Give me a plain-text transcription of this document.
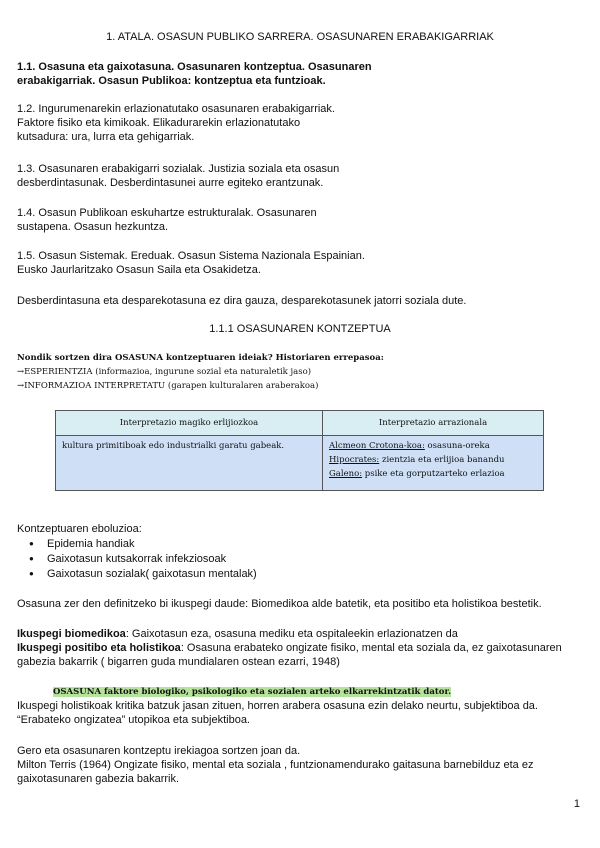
1. ATALA. OSASUN PUBLIKO SARRERA. OSASUNAREN ERABAKIGARRIAK

1.1. Osasuna eta gaixotasuna. Osasunaren kontzeptua. Osasunaren

erabakigarriak. Osasun Publikoa: kontzeptua eta funtzioak.

1.2. Ingurumenarekin erlazionatutako osasunaren erabakigarriak.

Faktore fisiko eta kimikoak. Elikadurarekin erlazionatutako

kutsadura: ura, lurra eta gehigarriak.

1.3. Osasunaren erabakigarri sozialak. Justizia soziala eta osasun

desberdintasunak. Desberdintasunei aurre egiteko erantzunak.

1.4. Osasun Publikoan eskuhartze estrukturalak. Osasunaren

sustapena. Osasun hezkuntza.

1.5. Osasun Sistemak. Ereduak. Osasun Sistema Nazionala Espainian.

Eusko Jaurlaritzako Osasun Saila eta Osakidetza.

Desberdintasuna eta desparekotasuna ez dira gauza, desparekotasunek jatorri soziala dute.
1.1.1 OSASUNAREN KONTZEPTUA

Nondik sortzen dira OSASUNA kontzeptuaren ideiak? Historiaren errepasoa:

→ESPERIENTZIA (informazioa, ingurune sozial eta naturaletik jaso)

→INFORMAZIOA INTERPRETATU (garapen kulturalaren araberakoa)

Interpretazio magiko erlijiozkoa	Interpretazio arrazionala
kultura primitiboak edo industrialki garatu gabeak.	Alcmeon Crotona-koa: osasuna-oreka
Hipocrates: zientzia eta erlijioa banandu
Galeno: psike eta gorputzarteko erlazioa
Kontzeptuaren eboluzioa:
● Epidemia handiak
● Gaixotasun kutsakorrak infekziosoak
● Gaixotasun sozialak( gaixotasun mentalak)
Osasuna zer den definitzeko bi ikuspegi daude: Biomedikoa alde batetik, eta positibo eta holistikoa bestetik.

Ikuspegi biomedikoa: Gaixotasun eza, osasuna mediku eta ospitaleekin erlazionatzen da

Ikuspegi positibo eta holistikoa: Osasuna erabateko ongizate fisiko, mental eta soziala da, ez gaixotasunaren

gabezia bakarrik ( bigarren guda mundialaren ostean ezarri, 1948)

OSASUNA faktore biologiko, psikologiko eta sozialen arteko elkarrekintzatik dator.

Ikuspegi holistikoak kritika batzuk jasan zituen, horren arabera osasuna ezin delako neurtu, subjektiboa da.

“Erabateko ongizatea” utopikoa eta subjektiboa.

Gero eta osasunaren kontzeptu irekiagoa sortzen joan da.

Milton Terris (1964) Ongizate fisiko, mental eta soziala , funtzionamendurako gaitasuna barnebilduz eta ez

gaixotasunaren gabezia bakarrik.

1
